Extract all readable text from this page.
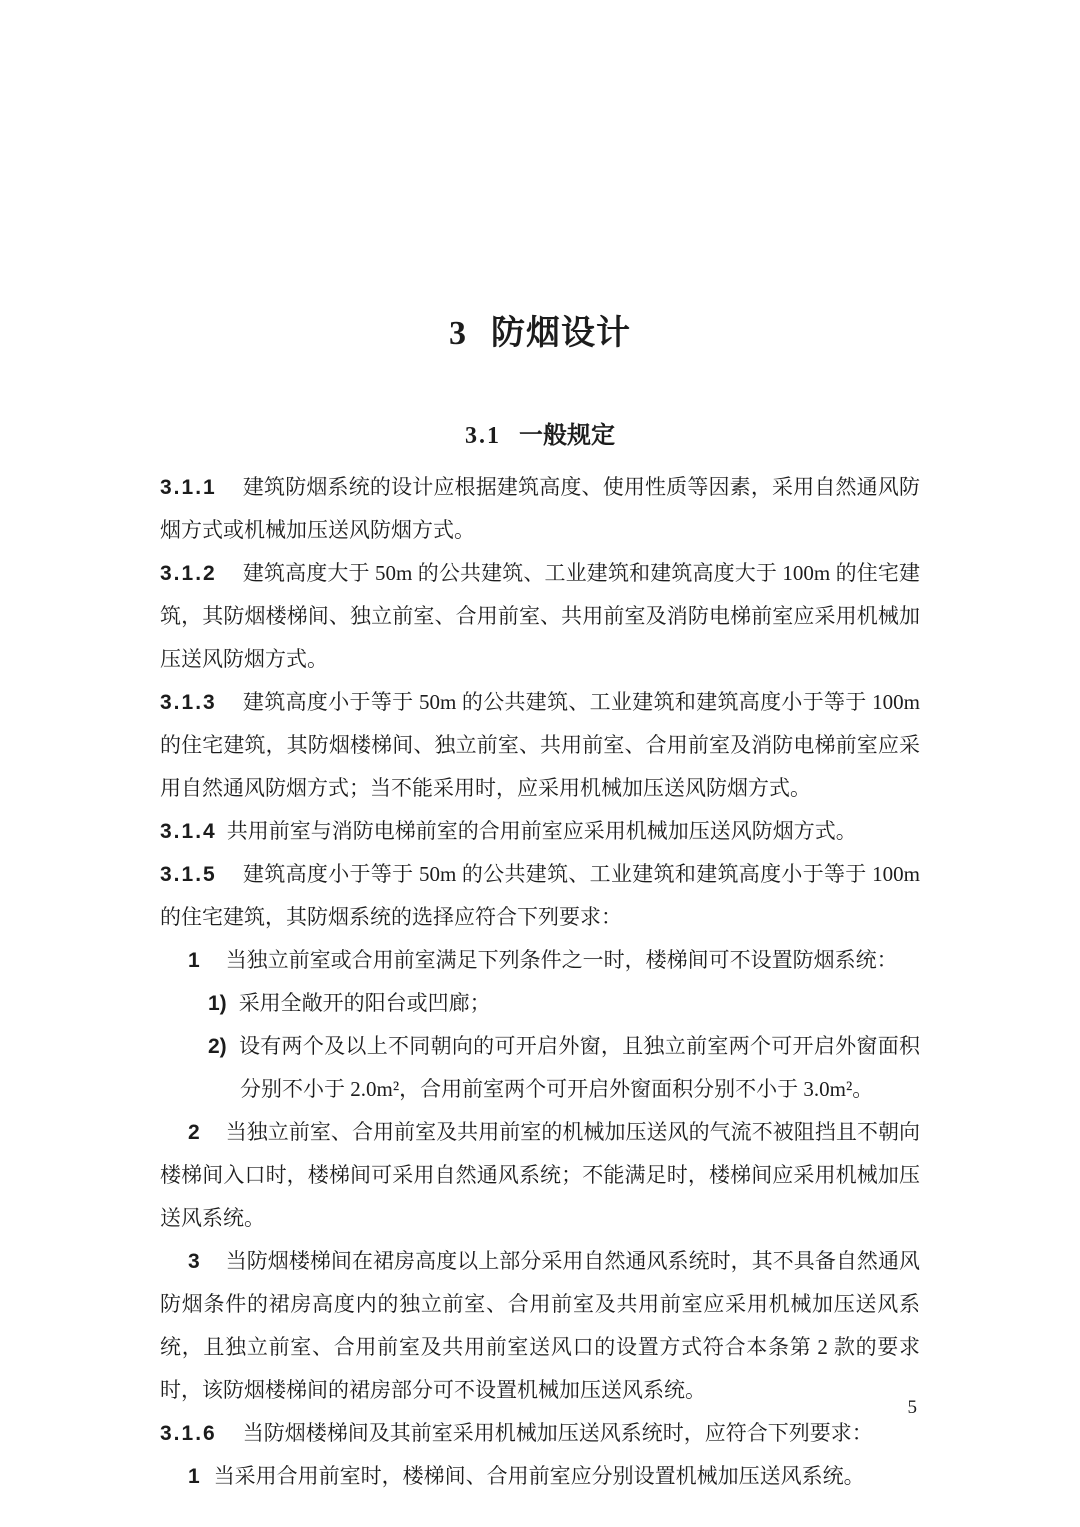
3 防烟设计
3.1 一般规定

3.1.1 建筑防烟系统的设计应根据建筑高度、使用性质等因素，采用自然通风防烟方式或机械加压送风防烟方式。

3.1.2 建筑高度大于 50m 的公共建筑、工业建筑和建筑高度大于 100m 的住宅建筑，其防烟楼梯间、独立前室、合用前室、共用前室及消防电梯前室应采用机械加压送风防烟方式。

3.1.3 建筑高度小于等于 50m 的公共建筑、工业建筑和建筑高度小于等于 100m 的住宅建筑，其防烟楼梯间、独立前室、共用前室、合用前室及消防电梯前室应采用自然通风防烟方式；当不能采用时，应采用机械加压送风防烟方式。

3.1.4 共用前室与消防电梯前室的合用前室应采用机械加压送风防烟方式。

3.1.5 建筑高度小于等于 50m 的公共建筑、工业建筑和建筑高度小于等于 100m 的住宅建筑，其防烟系统的选择应符合下列要求：

1 当独立前室或合用前室满足下列条件之一时，楼梯间可不设置防烟系统：

1) 采用全敞开的阳台或凹廊；

2) 设有两个及以上不同朝向的可开启外窗，且独立前室两个可开启外窗面积分别不小于 2.0m²，合用前室两个可开启外窗面积分别不小于 3.0m²。

2 当独立前室、合用前室及共用前室的机械加压送风的气流不被阻挡且不朝向楼梯间入口时，楼梯间可采用自然通风系统；不能满足时，楼梯间应采用机械加压送风系统。

3 当防烟楼梯间在裙房高度以上部分采用自然通风系统时，其不具备自然通风防烟条件的裙房高度内的独立前室、合用前室及共用前室应采用机械加压送风系统，且独立前室、合用前室及共用前室送风口的设置方式符合本条第 2 款的要求时，该防烟楼梯间的裙房部分可不设置机械加压送风系统。

3.1.6 当防烟楼梯间及其前室采用机械加压送风系统时，应符合下列要求：

1 当采用合用前室时，楼梯间、合用前室应分别设置机械加压送风系统。

5
